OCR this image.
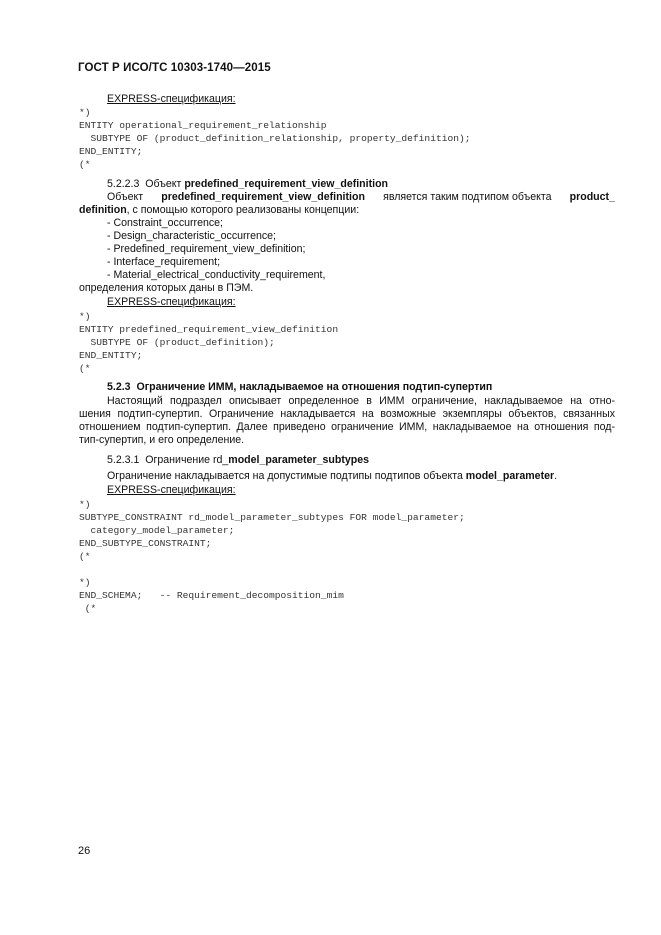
ГОСТ Р ИСО/ТС 10303-1740—2015
EXPRESS-спецификация:
*)
ENTITY operational_requirement_relationship
SUBTYPE OF (product_definition_relationship, property_definition);
END_ENTITY;
(*
5.2.2.3 Объект predefined_requirement_view_definition
Объект predefined_requirement_view_definition является таким подтипом объекта product_
definition, с помощью которого реализованы концепции:
- Constraint_occurrence;
- Design_characteristic_occurrence;
- Predefined_requirement_view_definition;
- Interface_requirement;
- Material_electrical_conductivity_requirement,
определения которых даны в ПЭМ.
EXPRESS-спецификация:
*)
ENTITY predefined_requirement_view_definition
SUBTYPE OF (product_definition);
END_ENTITY;
(*
5.2.3  Ограничение ИММ, накладываемое на отношения подтип-супертип
Настоящий подраздел описывает определенное в ИММ ограничение, накладываемое на отно-
шения подтип-супертип. Ограничение накладывается на возможные экземпляры объектов, связанных
отношением подтип-супертип. Далее приведено ограничение ИММ, накладываемое на отношения под-
тип-супертип, и его определение.
5.2.3.1 Ограничение rd_model_parameter_subtypes
Ограничение накладывается на допустимые подтипы подтипов объекта model_parameter.
EXPRESS-спецификация:
*)
SUBTYPE_CONSTRAINT rd_model_parameter_subtypes FOR model_parameter;
category_model_parameter;
END_SUBTYPE_CONSTRAINT;
(*
*)
END_SCHEMA;   -- Requirement_decomposition_mim
(*
26
